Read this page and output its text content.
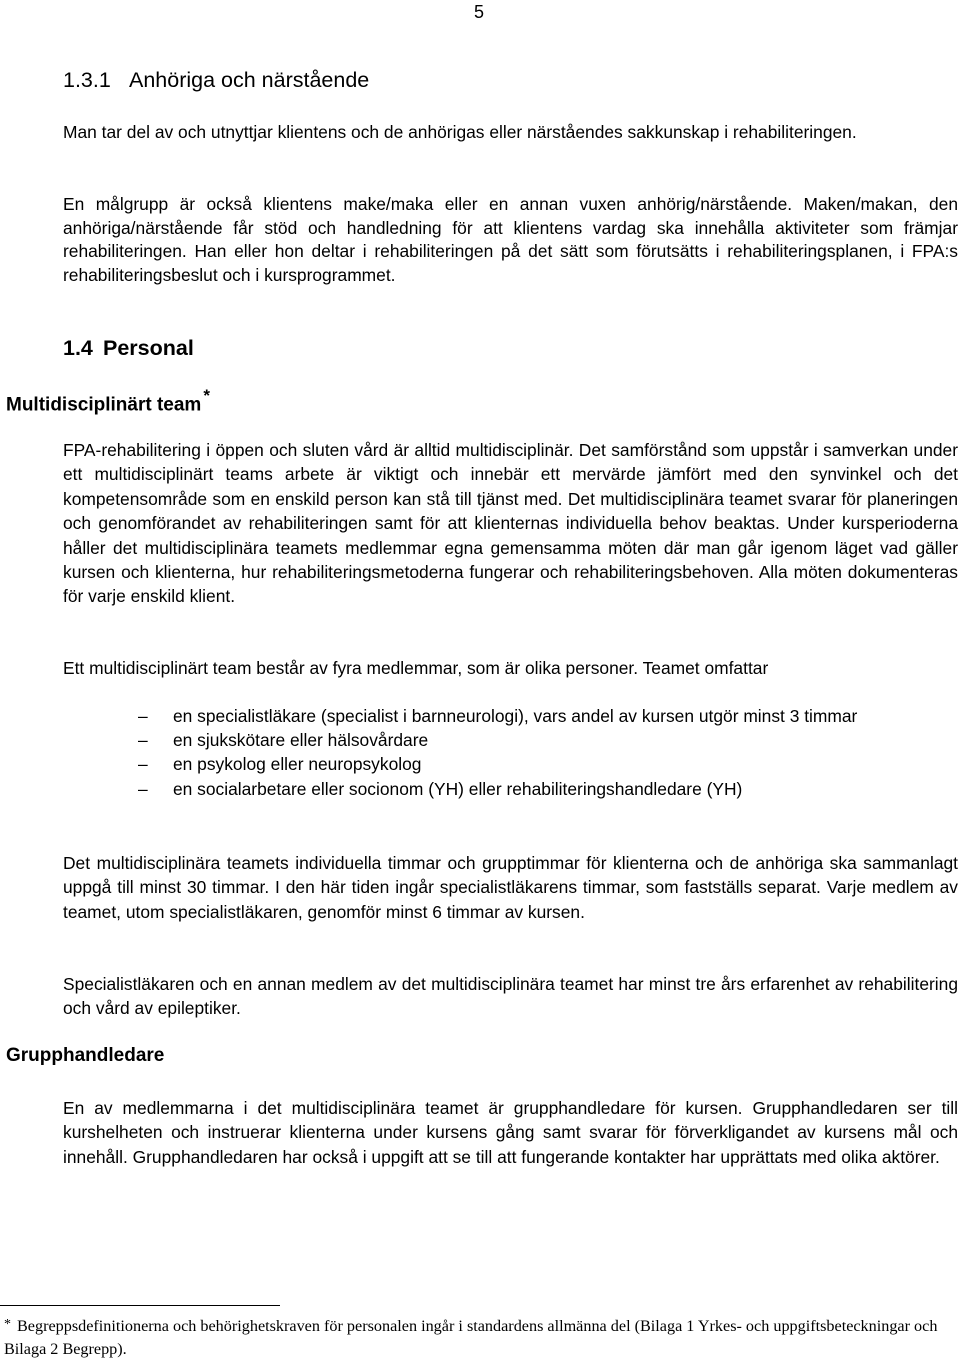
5
1.3.1 Anhöriga och närstående

Man tar del av och utnyttjar klientens och de anhörigas eller närståendes sakkunskap i rehabiliteringen.

En målgrupp är också klientens make/maka eller en annan vuxen anhörig/närstående. Maken/makan, den anhöriga/närstående får stöd och handledning för att klientens vardag ska innehålla aktiviteter som främjar rehabiliteringen. Han eller hon deltar i rehabiliteringen på det sätt som förutsätts i rehabiliteringsplanen, i FPA:s rehabiliteringsbeslut och i kursprogrammet.

1.4 Personal
Multidisciplinärt team *

FPA-rehabilitering i öppen och sluten vård är alltid multidisciplinär. Det samförstånd som uppstår i samverkan under ett multidisciplinärt teams arbete är viktigt och innebär ett mervärde jämfört med den synvinkel och det kompetensområde som en enskild person kan stå till tjänst med. Det multidisciplinära teamet svarar för planeringen och genomförandet av rehabiliteringen samt för att klienternas individuella behov beaktas. Under kursperioderna håller det multidisciplinära teamets medlemmar egna gemensamma möten där man går igenom läget vad gäller kursen och klienterna, hur rehabiliteringsmetoderna fungerar och rehabiliteringsbehoven. Alla möten dokumenteras för varje enskild klient.

Ett multidisciplinärt team består av fyra medlemmar, som är olika personer. Teamet omfattar

– en specialistläkare (specialist i barnneurologi), vars andel av kursen utgör minst 3 timmar
– en sjukskötare eller hälsovårdare
– en psykolog eller neuropsykolog
– en socialarbetare eller socionom (YH) eller rehabiliteringshandledare (YH)

Det multidisciplinära teamets individuella timmar och grupptimmar för klienterna och de anhöriga ska sammanlagt uppgå till minst 30 timmar. I den här tiden ingår specialistläkarens timmar, som fastställs separat. Varje medlem av teamet, utom specialistläkaren, genomför minst 6 timmar av kursen.

Specialistläkaren och en annan medlem av det multidisciplinära teamet har minst tre års erfarenhet av rehabilitering och vård av epileptiker.

Grupphandledare

En av medlemmarna i det multidisciplinära teamet är grupphandledare för kursen. Grupphandledaren ser till kurshelheten och instruerar klienterna under kursens gång samt svarar för förverkligandet av kursens mål och innehåll. Grupphandledaren har också i uppgift att se till att fungerande kontakter har upprättats med olika aktörer.

* Begreppsdefinitionerna och behörighetskraven för personalen ingår i standardens allmänna del (Bilaga 1 Yrkes- och uppgiftsbeteckningar och Bilaga 2 Begrepp).
